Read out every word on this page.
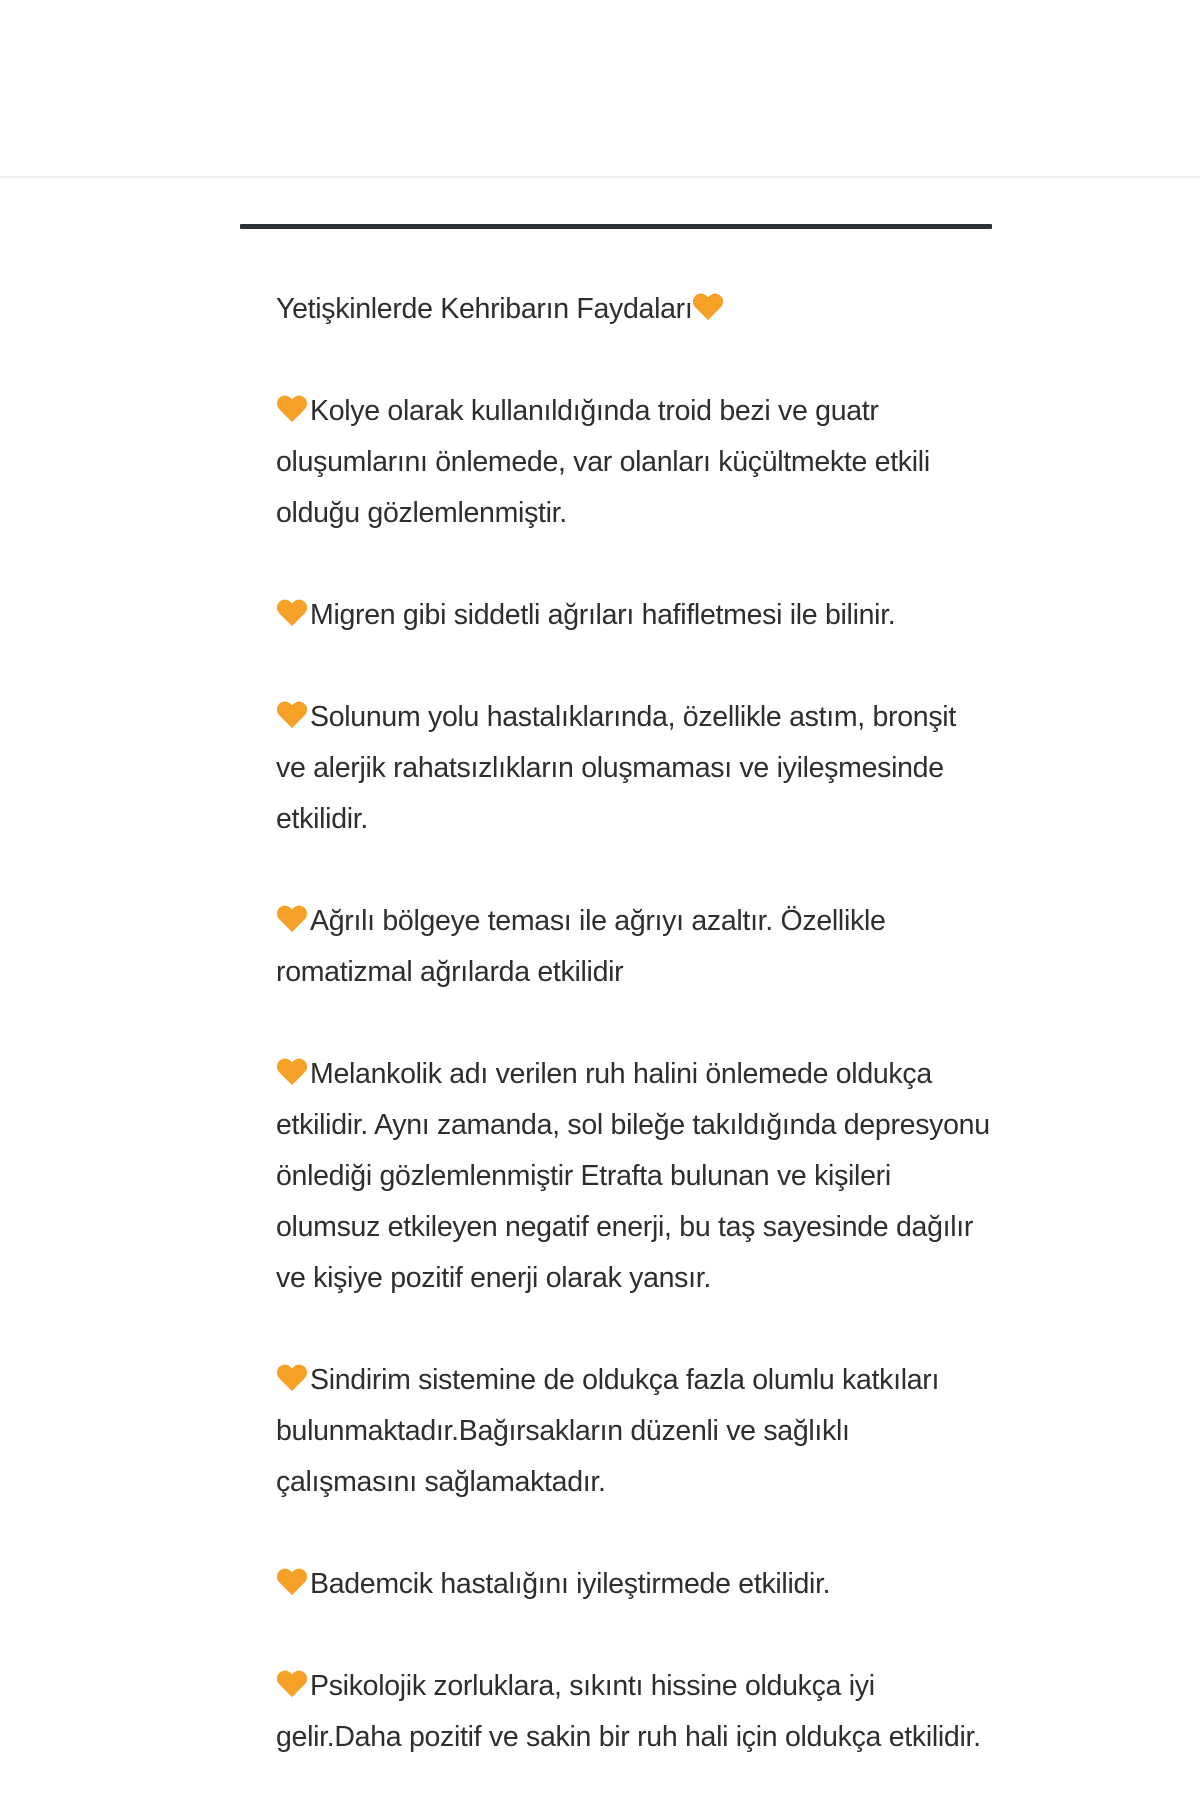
Yetişkinlerde Kehribarın Faydaları

Kolye olarak kullanıldığında troid bezi ve guatr oluşumlarını önlemede, var olanları küçültmekte etkili olduğu gözlemlenmiştir.

Migren gibi siddetli ağrıları hafifletmesi ile bilinir.

Solunum yolu hastalıklarında, özellikle astım, bronşit ve alerjik rahatsızlıkların oluşmaması ve iyileşmesinde etkilidir.

Ağrılı bölgeye teması ile ağrıyı azaltır. Özellikle romatizmal ağrılarda etkilidir

Melankolik adı verilen ruh halini önlemede oldukça etkilidir. Aynı zamanda, sol bileğe takıldığında depresyonu önlediği gözlemlenmiştir Etrafta bulunan ve kişileri olumsuz etkileyen negatif enerji, bu taş sayesinde dağılır ve kişiye pozitif enerji olarak yansır.

Sindirim sistemine de oldukça fazla olumlu katkıları bulunmaktadır.Bağırsakların düzenli ve sağlıklı çalışmasını sağlamaktadır.

Bademcik hastalığını iyileştirmede etkilidir.

Psikolojik zorluklara, sıkıntı hissine oldukça iyi gelir.Daha pozitif ve sakin bir ruh hali için oldukça etkilidir.
